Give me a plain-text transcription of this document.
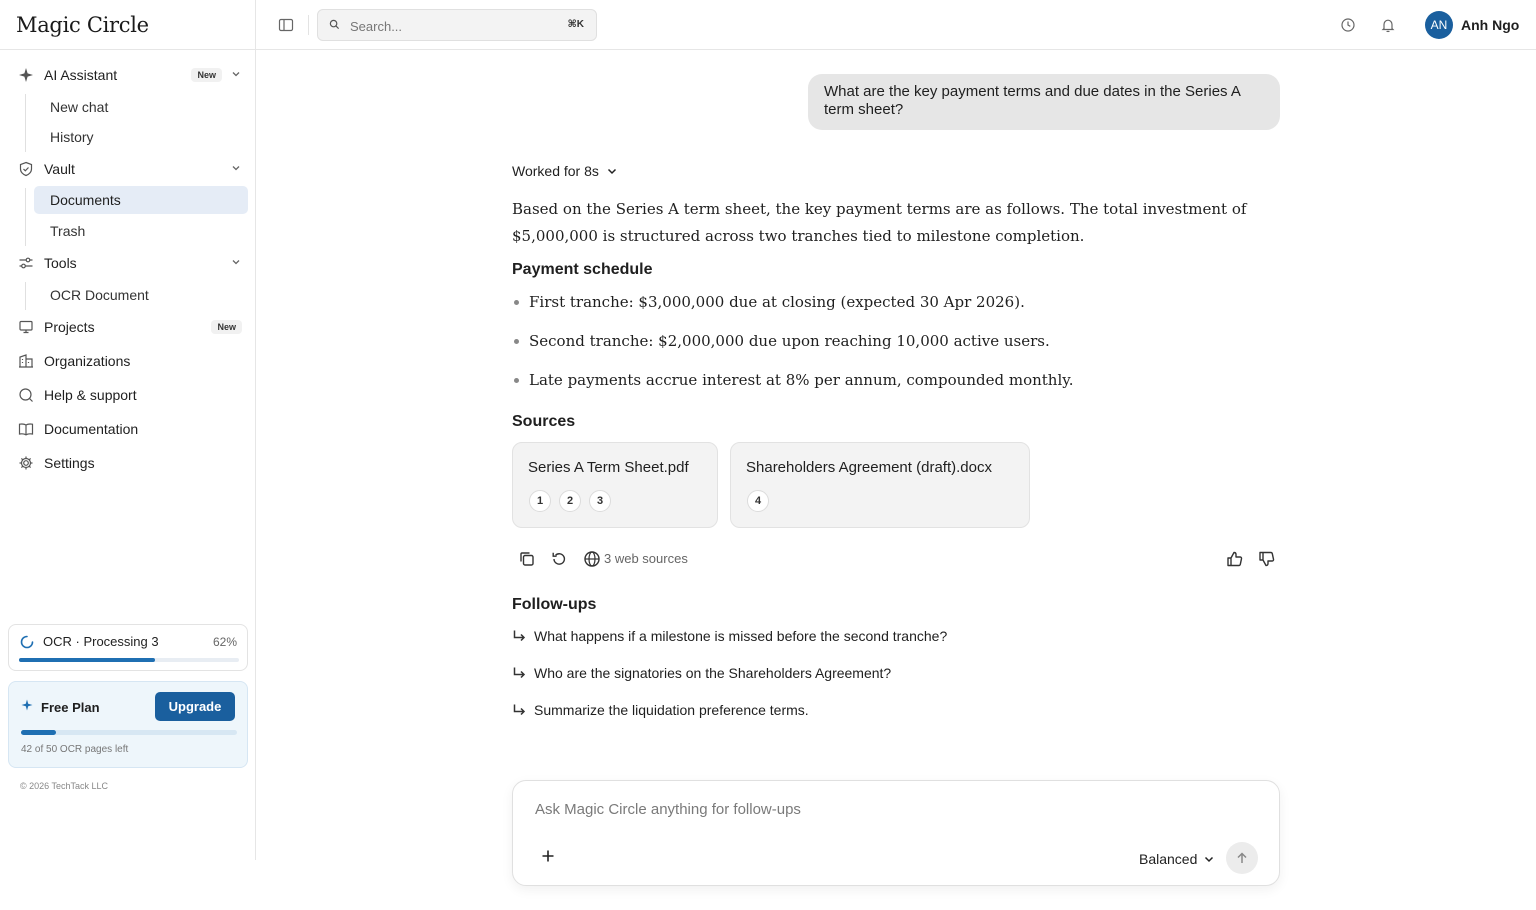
Magic Circle
AI Assistant	New
New chat
History
Vault
Documents
Trash
Tools
OCR Document
Projects	New
Organizations
Help & support
Documentation
Settings
OCR · Processing 3	62%
Free Plan	Upgrade
42 of 50 OCR pages left
© 2026 TechTack LLC
Search...
⌘K	AN Anh Ngo
What are the key payment terms and due dates in the Series A term sheet?
Worked for 8s

Based on the Series A term sheet, the key payment terms are as follows. The total investment of $5,000,000 is structured across two tranches tied to milestone completion.

Payment schedule
First tranche: $3,000,000 due at closing (expected 30 Apr 2026).
Second tranche: $2,000,000 due upon reaching 10,000 active users.
Late payments accrue interest at 8% per annum, compounded monthly.
Sources
Series A Term Sheet.pdf
1	2	3
Shareholders Agreement (draft).docx
4
3 web sources
Follow-ups
What happens if a milestone is missed before the second tranche?
Who are the signatories on the Shareholders Agreement?
Summarize the liquidation preference terms.
Ask Magic Circle anything for follow-ups
Balanced
